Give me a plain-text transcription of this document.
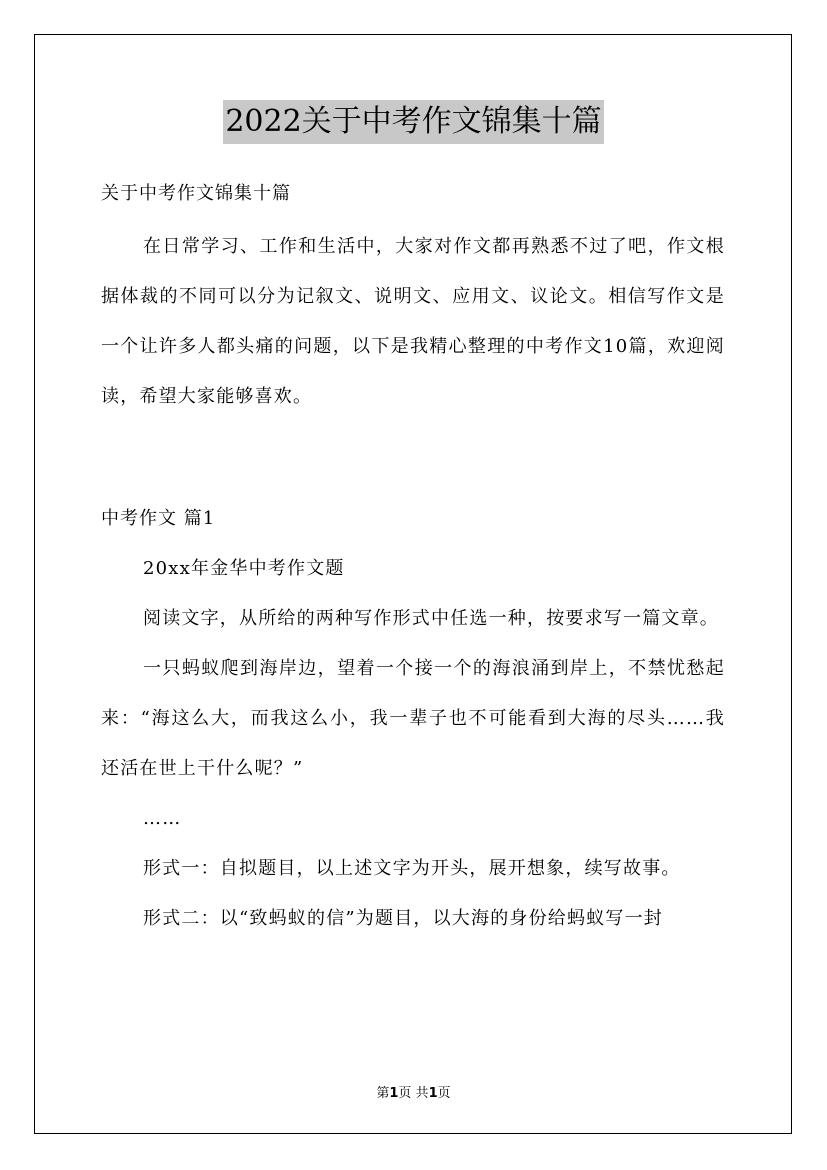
2022关于中考作文锦集十篇

关于中考作文锦集十篇

在日常学习、工作和生活中，大家对作文都再熟悉不过了吧，作文根据体裁的不同可以分为记叙文、说明文、应用文、议论文。相信写作文是一个让许多人都头痛的问题，以下是我精心整理的中考作文10篇，欢迎阅读，希望大家能够喜欢。

中考作文 篇1

20xx年金华中考作文题

阅读文字，从所给的两种写作形式中任选一种，按要求写一篇文章。

一只蚂蚁爬到海岸边，望着一个接一个的海浪涌到岸上，不禁忧愁起来：“海这么大，而我这么小，我一辈子也不可能看到大海的尽头……我还活在世上干什么呢？”

……

形式一：自拟题目，以上述文字为开头，展开想象，续写故事。

形式二：以“致蚂蚁的信”为题目，以大海的身份给蚂蚁写一封

第1页 共1页
